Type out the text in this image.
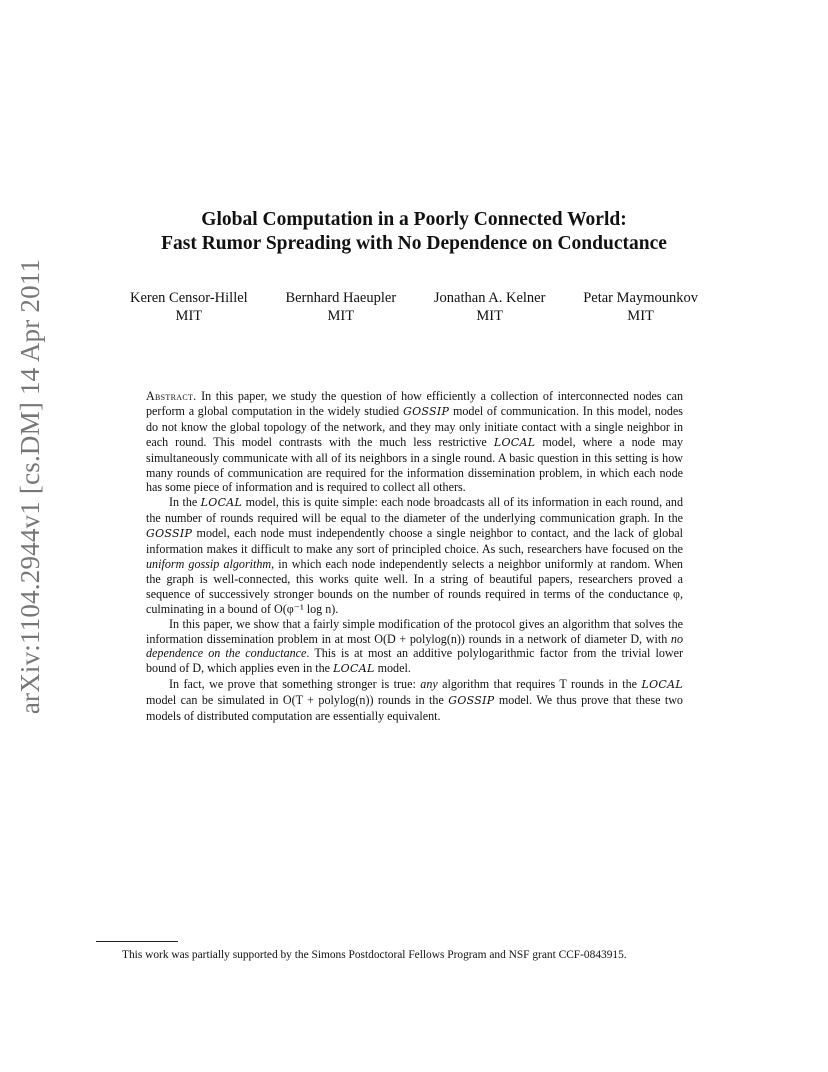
arXiv:1104.2944v1 [cs.DM] 14 Apr 2011
Global Computation in a Poorly Connected World:
Fast Rumor Spreading with No Dependence on Conductance
Keren Censor-Hillel
MIT
Bernhard Haeupler
MIT
Jonathan A. Kelner
MIT
Petar Maymounkov
MIT

Abstract. In this paper, we study the question of how efficiently a collection of interconnected nodes can perform a global computation in the widely studied GOSSIP model of communication. In this model, nodes do not know the global topology of the network, and they may only initiate contact with a single neighbor in each round. This model contrasts with the much less restrictive LOCAL model, where a node may simultaneously communicate with all of its neighbors in a single round. A basic question in this setting is how many rounds of communication are required for the information dissemination problem, in which each node has some piece of information and is required to collect all others.

In the LOCAL model, this is quite simple: each node broadcasts all of its information in each round, and the number of rounds required will be equal to the diameter of the underlying communication graph. In the GOSSIP model, each node must independently choose a single neighbor to contact, and the lack of global information makes it difficult to make any sort of principled choice. As such, researchers have focused on the uniform gossip algorithm, in which each node independently selects a neighbor uniformly at random. When the graph is well-connected, this works quite well. In a string of beautiful papers, researchers proved a sequence of successively stronger bounds on the number of rounds required in terms of the conductance φ, culminating in a bound of O(φ⁻¹ log n).

In this paper, we show that a fairly simple modification of the protocol gives an algorithm that solves the information dissemination problem in at most O(D + polylog(n)) rounds in a network of diameter D, with no dependence on the conductance. This is at most an additive polylogarithmic factor from the trivial lower bound of D, which applies even in the LOCAL model.

In fact, we prove that something stronger is true: any algorithm that requires T rounds in the LOCAL model can be simulated in O(T + polylog(n)) rounds in the GOSSIP model. We thus prove that these two models of distributed computation are essentially equivalent.

This work was partially supported by the Simons Postdoctoral Fellows Program and NSF grant CCF-0843915.
